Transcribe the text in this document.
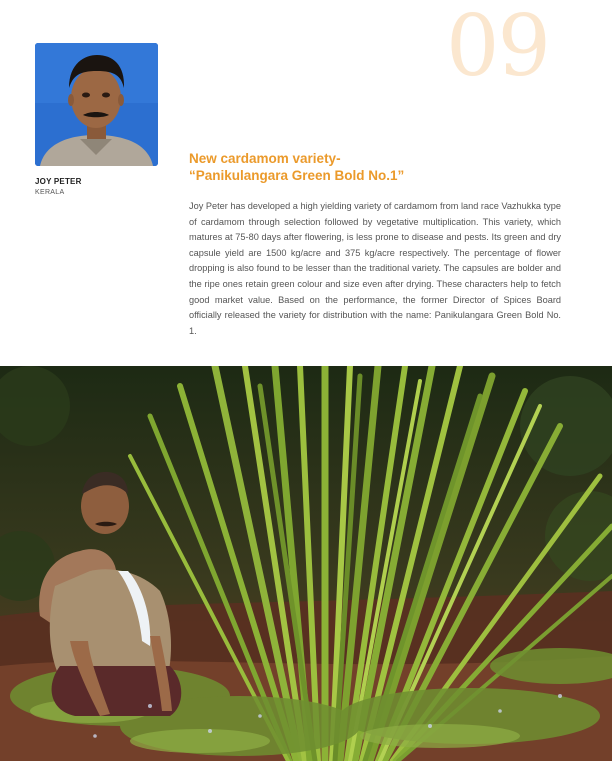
09

JOY PETER

KERALA

New cardamom variety-
“Panikulangara Green Bold No.1”

Joy Peter has developed a high yielding variety of cardamom from land race Vazhukka type of cardamom through selection followed by vegetative multiplication. This variety, which matures at 75-80 days after flowering, is less prone to disease and pests. Its green and dry capsule yield are 1500 kg/acre and 375 kg/acre respectively. The percentage of flower dropping is also found to be lesser than the traditional variety. The capsules are bolder and the ripe ones retain green colour and size even after drying. These characters help to fetch good market value. Based on the performance, the former Director of Spices Board officially released the variety for distribution with the name: Panikulangara Green Bold No. 1.
